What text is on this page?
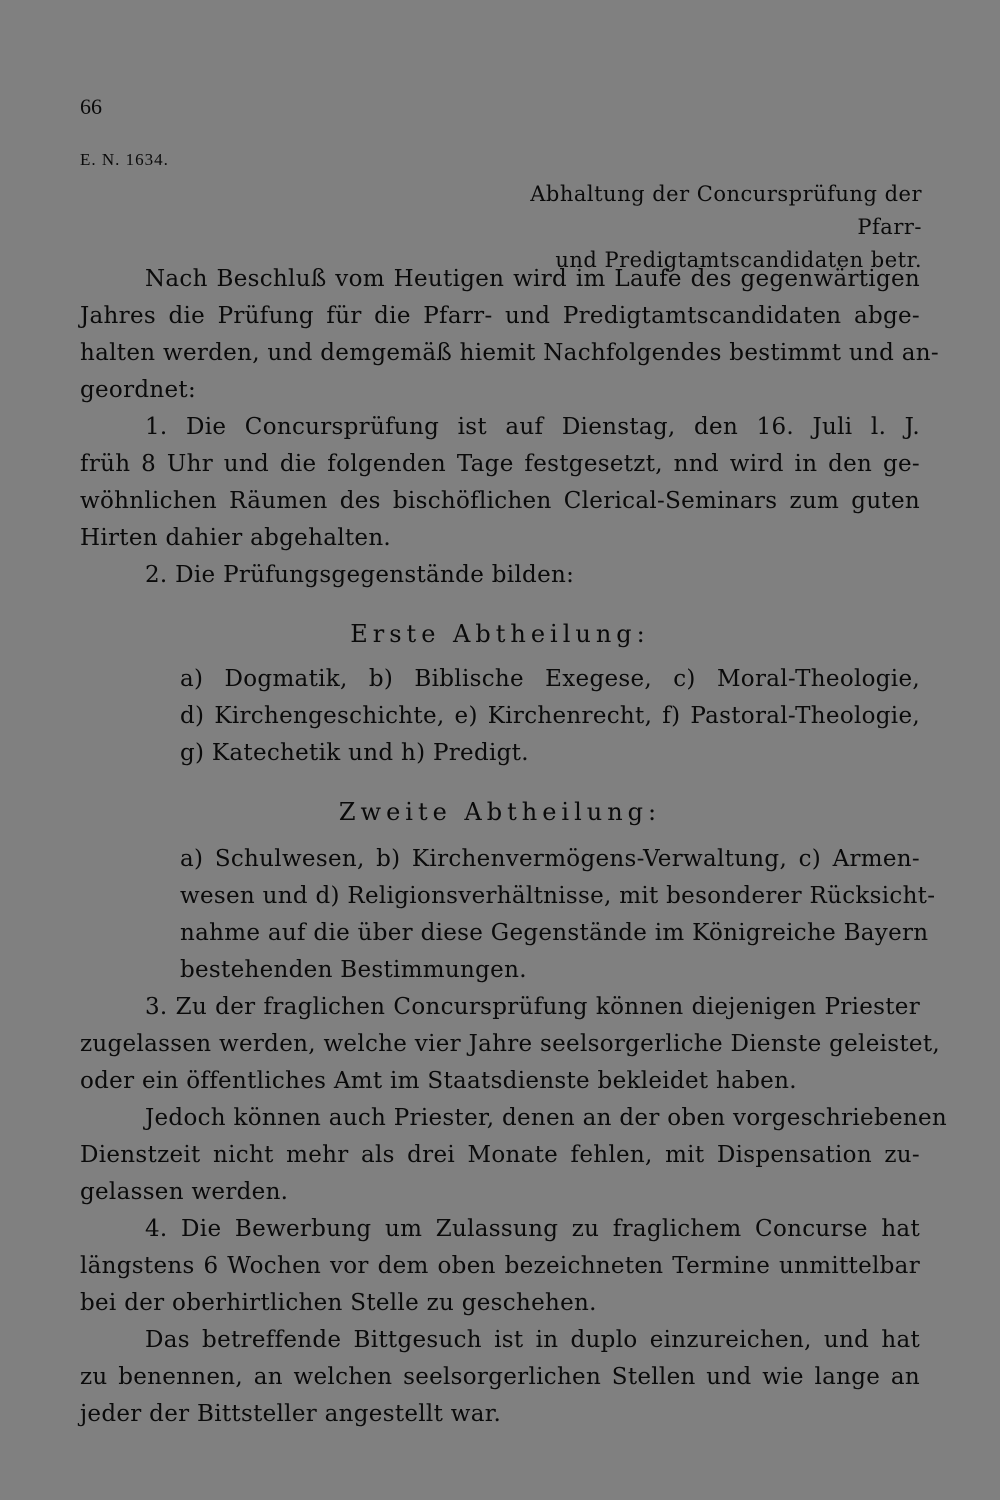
66
E. N. 1634.
Abhaltung der Concursprüfung der Pfarr-
und Predigtamtscandidaten betr.
Nach Beschluß vom Heutigen wird im Laufe des gegenwärtigen
Jahres die Prüfung für die Pfarr- und Predigtamtscandidaten abge-
halten werden, und demgemäß hiemit Nachfolgendes bestimmt und an-
geordnet:
1. Die Concursprüfung ist auf Dienstag, den 16. Juli l. J.
früh 8 Uhr und die folgenden Tage festgesetzt, nnd wird in den ge-
wöhnlichen Räumen des bischöflichen Clerical-Seminars zum guten
Hirten dahier abgehalten.
2. Die Prüfungsgegenstände bilden:
Erste Abtheilung:
a) Dogmatik, b) Biblische Exegese, c) Moral-Theologie,
d) Kirchengeschichte, e) Kirchenrecht, f) Pastoral-Theologie,
g) Katechetik und h) Predigt.
Zweite Abtheilung:
a) Schulwesen, b) Kirchenvermögens-Verwaltung, c) Armen-
wesen und d) Religionsverhältnisse, mit besonderer Rücksicht-
nahme auf die über diese Gegenstände im Königreiche Bayern
bestehenden Bestimmungen.
3. Zu der fraglichen Concursprüfung können diejenigen Priester
zugelassen werden, welche vier Jahre seelsorgerliche Dienste geleistet,
oder ein öffentliches Amt im Staatsdienste bekleidet haben.
Jedoch können auch Priester, denen an der oben vorgeschriebenen
Dienstzeit nicht mehr als drei Monate fehlen, mit Dispensation zu-
gelassen werden.
4. Die Bewerbung um Zulassung zu fraglichem Concurse hat
längstens 6 Wochen vor dem oben bezeichneten Termine unmittelbar
bei der oberhirtlichen Stelle zu geschehen.
Das betreffende Bittgesuch ist in duplo einzureichen, und hat
zu benennen, an welchen seelsorgerlichen Stellen und wie lange an
jeder der Bittsteller angestellt war.
